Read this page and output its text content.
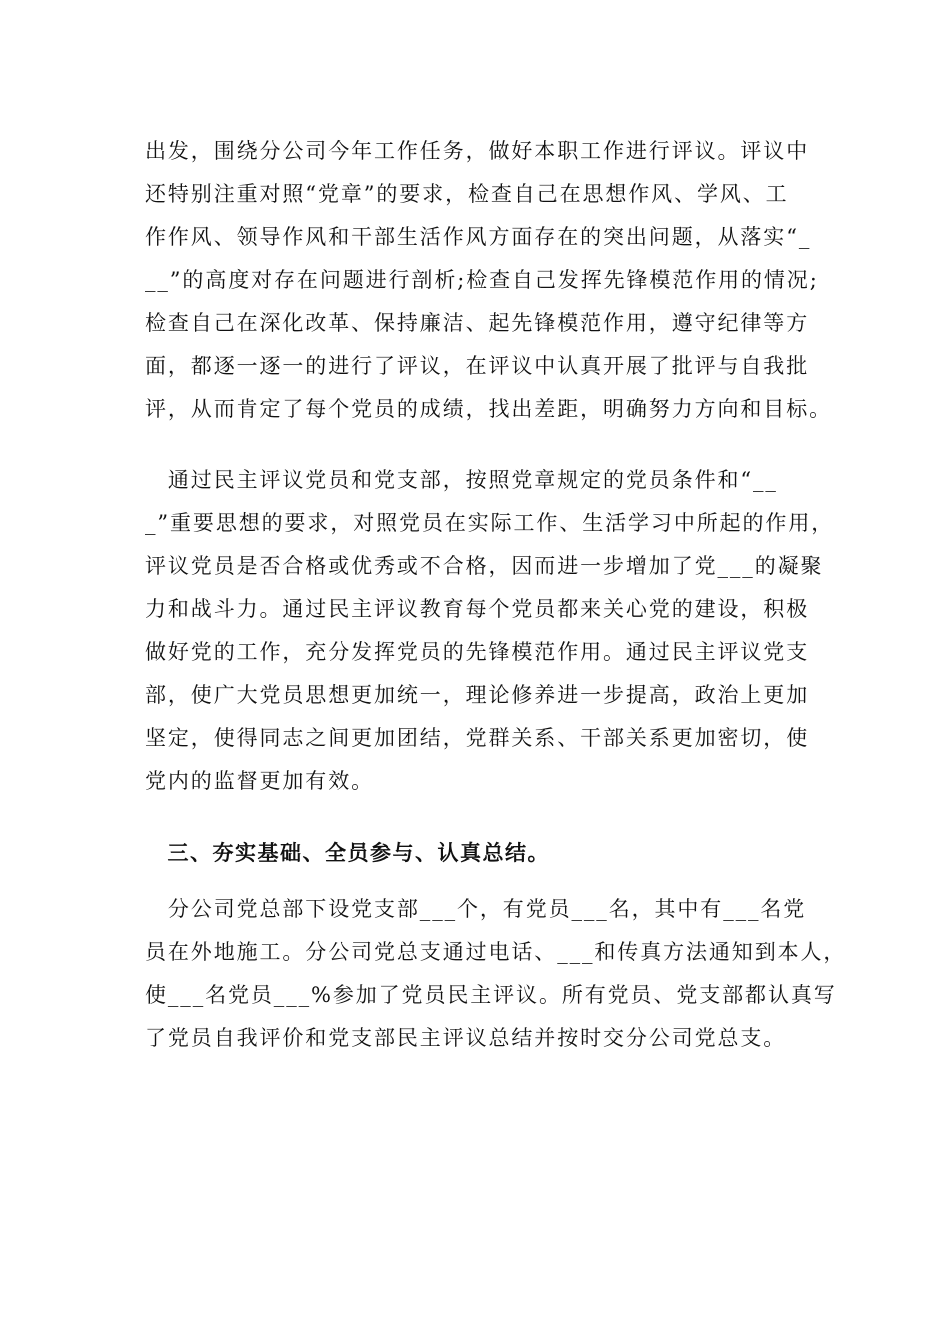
出发，围绕分公司今年工作任务，做好本职工作进行评议。评议中
还特别注重对照“党章”的要求，检查自己在思想作风、学风、工
作作风、领导作风和干部生活作风方面存在的突出问题，从落实“_
__”的高度对存在问题进行剖析;检查自己发挥先锋模范作用的情况;
检查自己在深化改革、保持廉洁、起先锋模范作用，遵守纪律等方
面，都逐一逐一的进行了评议，在评议中认真开展了批评与自我批
评，从而肯定了每个党员的成绩，找出差距，明确努力方向和目标。
　通过民主评议党员和党支部，按照党章规定的党员条件和“__
_”重要思想的要求，对照党员在实际工作、生活学习中所起的作用，
评议党员是否合格或优秀或不合格，因而进一步增加了党___的凝聚
力和战斗力。通过民主评议教育每个党员都来关心党的建设，积极
做好党的工作，充分发挥党员的先锋模范作用。通过民主评议党支
部，使广大党员思想更加统一，理论修养进一步提高，政治上更加
坚定，使得同志之间更加团结，党群关系、干部关系更加密切，使
党内的监督更加有效。
　三、夯实基础、全员参与、认真总结。
　分公司党总部下设党支部___个，有党员___名，其中有___名党
员在外地施工。分公司党总支通过电话、___和传真方法通知到本人，
使___名党员___%参加了党员民主评议。所有党员、党支部都认真写
了党员自我评价和党支部民主评议总结并按时交分公司党总支。
